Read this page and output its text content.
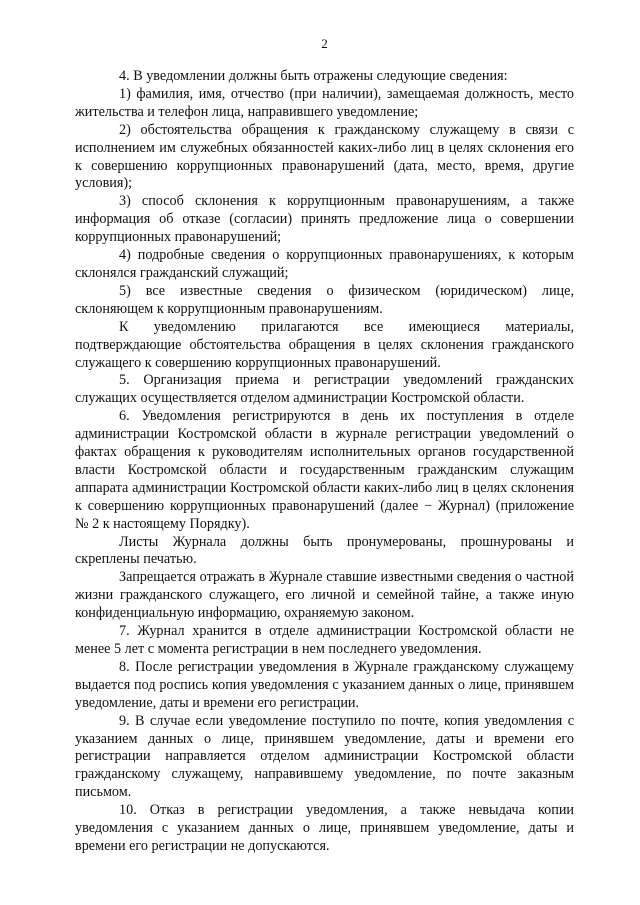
2

4. В уведомлении должны быть отражены следующие сведения:

1) фамилия, имя, отчество (при наличии), замещаемая должность, место жительства и телефон лица, направившего уведомление;

2) обстоятельства обращения к гражданскому служащему в связи с исполнением им служебных обязанностей каких-либо лиц в целях склонения его к совершению коррупционных правонарушений (дата, место, время, другие условия);

3) способ склонения к коррупционным правонарушениям, а также информация об отказе (согласии) принять предложение лица о совершении коррупционных правонарушений;

4) подробные сведения о коррупционных правонарушениях, к которым склонялся гражданский служащий;

5) все известные сведения о физическом (юридическом) лице, склоняющем к коррупционным правонарушениям.

К уведомлению прилагаются все имеющиеся материалы, подтверждающие обстоятельства обращения в целях склонения гражданского служащего к совершению коррупционных правонарушений.

5. Организация приема и регистрации уведомлений гражданских служащих осуществляется отделом администрации Костромской области.

6. Уведомления регистрируются в день их поступления в отделе администрации Костромской области в журнале регистрации уведомлений о фактах обращения к руководителям исполнительных органов государственной власти Костромской области и государственным гражданским служащим аппарата администрации Костромской области каких-либо лиц в целях склонения к совершению коррупционных правонарушений (далее − Журнал) (приложение № 2 к настоящему Порядку).

Листы Журнала должны быть пронумерованы, прошнурованы и скреплены печатью.

Запрещается отражать в Журнале ставшие известными сведения о частной жизни гражданского служащего, его личной и семейной тайне, а также иную конфиденциальную информацию, охраняемую законом.

7. Журнал хранится в отделе администрации Костромской области не менее 5 лет с момента регистрации в нем последнего уведомления.

8. После регистрации уведомления в Журнале гражданскому служащему выдается под роспись копия уведомления с указанием данных о лице, принявшем уведомление, даты и времени его регистрации.

9. В случае если уведомление поступило по почте, копия уведомления с указанием данных о лице, принявшем уведомление, даты и времени его регистрации направляется отделом администрации Костромской области гражданскому служащему, направившему уведомление, по почте заказным письмом.

10. Отказ в регистрации уведомления, а также невыдача копии уведомления с указанием данных о лице, принявшем уведомление, даты и времени его регистрации не допускаются.
